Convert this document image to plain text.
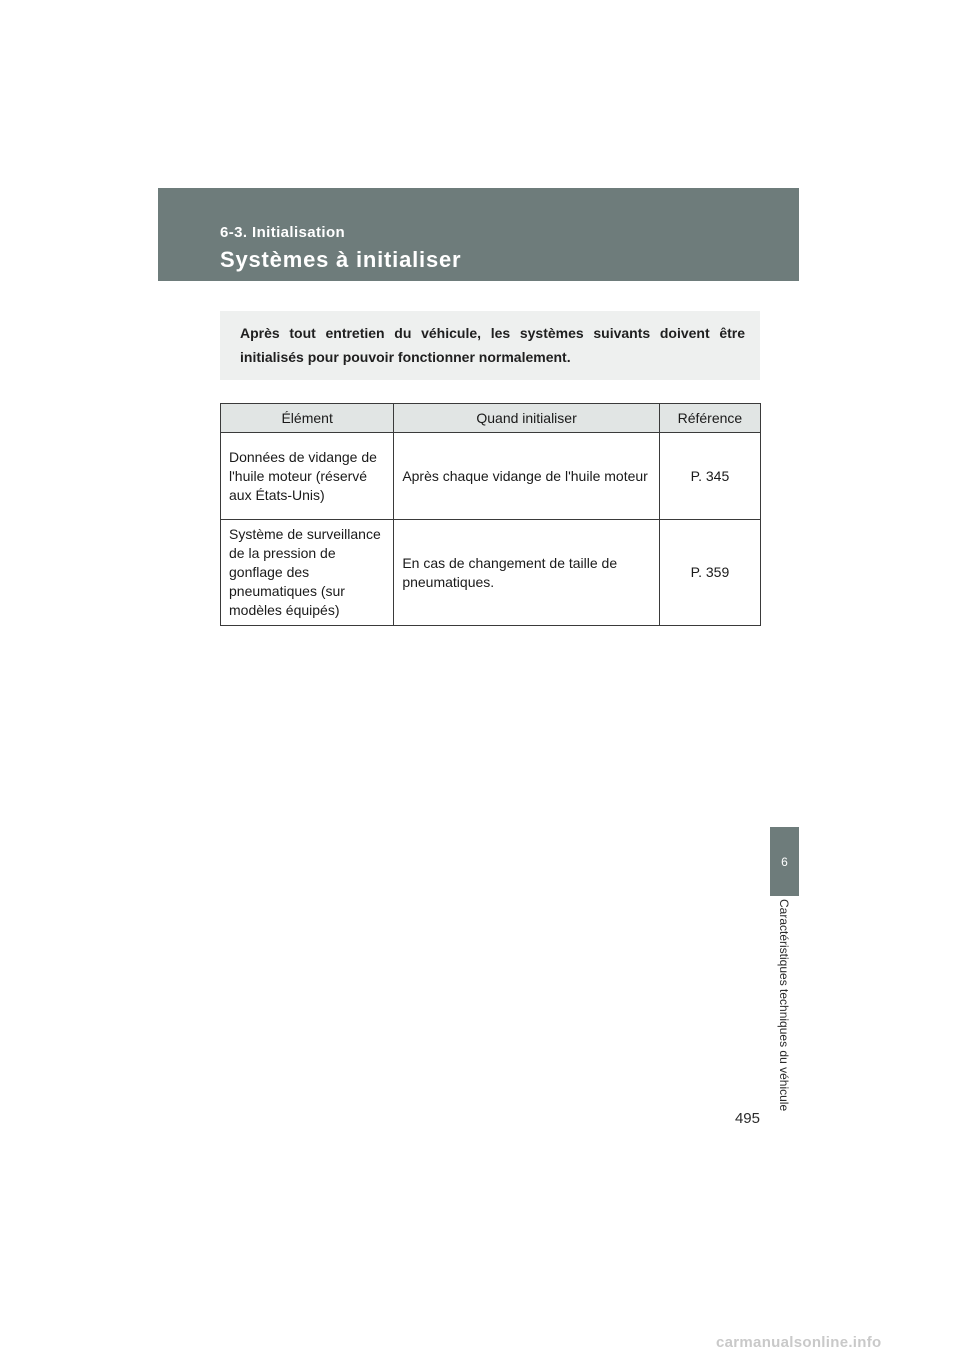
6-3. Initialisation
Systèmes à initialiser
Après tout entretien du véhicule, les systèmes suivants doivent être initialisés pour pouvoir fonctionner normalement.
Élément	Quand initialiser	Référence
Données de vidange de l'huile moteur (réservé aux États-Unis)	Après chaque vidange de l'huile moteur	P. 345
Système de surveillance de la pression de gonflage des pneumatiques (sur modèles équipés)	En cas de changement de taille de pneumatiques.	P. 359
6
Caractéristiques techniques du véhicule
495
carmanualsonline.info
